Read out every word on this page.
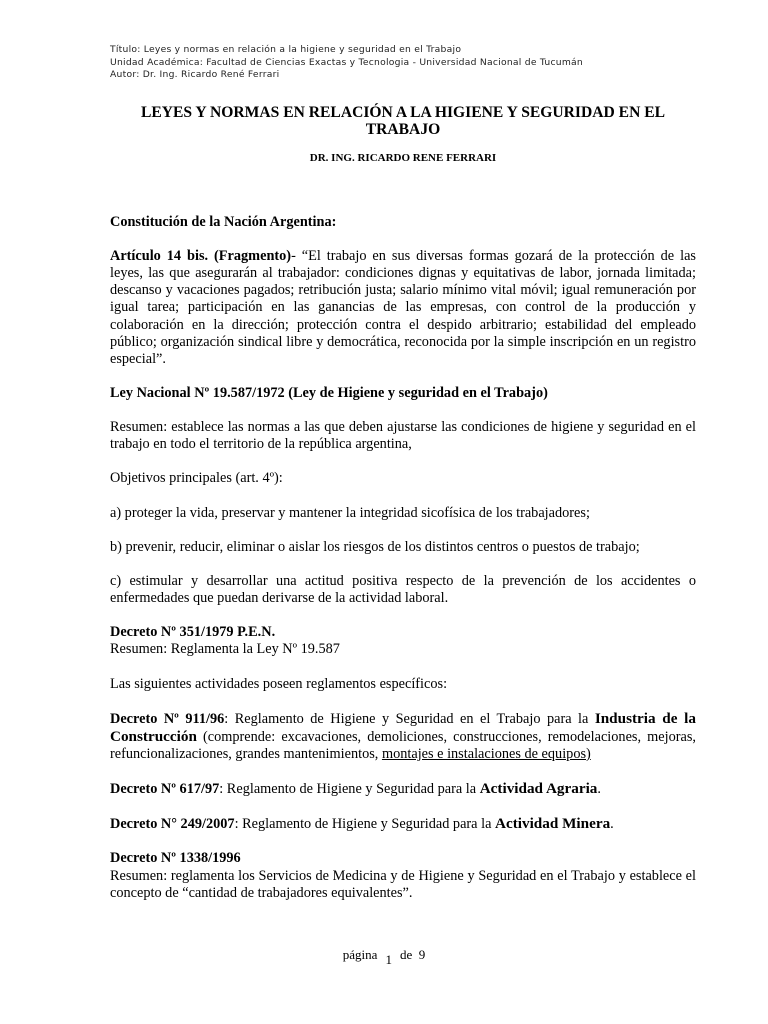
Título: Leyes y normas en relación a la higiene y seguridad en el Trabajo
Unidad Académica: Facultad de Ciencias Exactas y Tecnologia - Universidad Nacional de Tucumán
Autor: Dr. Ing. Ricardo René Ferrari
LEYES Y NORMAS EN RELACIÓN A LA HIGIENE Y SEGURIDAD EN EL TRABAJO
DR. ING. RICARDO RENE FERRARI

Constitución de la Nación Argentina:

Artículo 14 bis. (Fragmento)- “El trabajo en sus diversas formas gozará de la protección de las leyes, las que asegurarán al trabajador: condiciones dignas y equitativas de labor, jornada limitada; descanso y vacaciones pagados; retribución justa; salario mínimo vital móvil; igual remuneración por igual tarea; participación en las ganancias de las empresas, con control de la producción y colaboración en la dirección; protección contra el despido arbitrario; estabilidad del empleado público; organización sindical libre y democrática, reconocida por la simple inscripción en un registro especial”.

Ley Nacional Nº 19.587/1972 (Ley de Higiene y seguridad en el Trabajo)

Resumen: establece las normas a las que deben ajustarse las condiciones de higiene y seguridad en el trabajo en todo el territorio de la república argentina,

Objetivos principales (art. 4º):

a) proteger la vida, preservar y mantener la integridad sicofísica de los trabajadores;

b) prevenir, reducir, eliminar o aislar los riesgos de los distintos centros o puestos de trabajo;

c) estimular y desarrollar una actitud positiva respecto de la prevención de los accidentes o enfermedades que puedan derivarse de la actividad laboral.

Decreto Nº 351/1979 P.E.N.

Resumen: Reglamenta la Ley Nº 19.587

Las siguientes actividades poseen reglamentos específicos:

Decreto Nº 911/96: Reglamento de Higiene y Seguridad en el Trabajo para la Industria de la Construcción (comprende: excavaciones, demoliciones, construcciones, remodelaciones, mejoras, refuncionalizaciones, grandes mantenimientos, montajes e instalaciones de equipos)

Decreto Nº 617/97: Reglamento de Higiene y Seguridad para la Actividad Agraria.

Decreto N° 249/2007: Reglamento de Higiene y Seguridad para la Actividad Minera.

Decreto Nº 1338/1996

Resumen: reglamenta los Servicios de Medicina y de Higiene y Seguridad en el Trabajo y establece el concepto de “cantidad de trabajadores equivalentes”.

página 1 de 9
